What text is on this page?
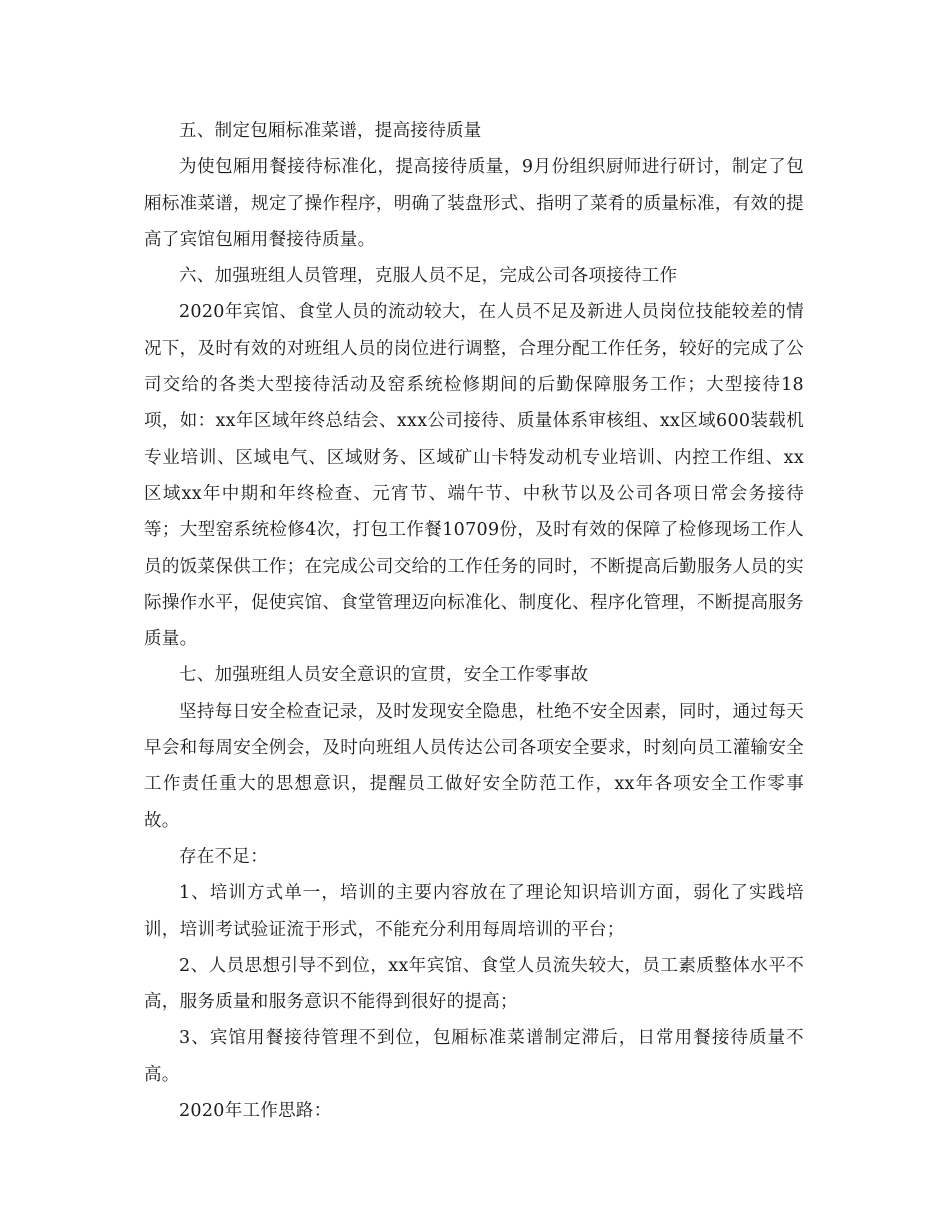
五、制定包厢标准菜谱，提高接待质量

为使包厢用餐接待标准化，提高接待质量，9月份组织厨师进行研讨，制定了包厢标准菜谱，规定了操作程序，明确了装盘形式、指明了菜肴的质量标准，有效的提高了宾馆包厢用餐接待质量。

六、加强班组人员管理，克服人员不足，完成公司各项接待工作

2020年宾馆、食堂人员的流动较大，在人员不足及新进人员岗位技能较差的情况下，及时有效的对班组人员的岗位进行调整，合理分配工作任务，较好的完成了公司交给的各类大型接待活动及窑系统检修期间的后勤保障服务工作；大型接待18项，如：xx年区域年终总结会、xxx公司接待、质量体系审核组、xx区域600装载机专业培训、区域电气、区域财务、区域矿山卡特发动机专业培训、内控工作组、xx区域xx年中期和年终检查、元宵节、端午节、中秋节以及公司各项日常会务接待等；大型窑系统检修4次，打包工作餐10709份，及时有效的保障了检修现场工作人员的饭菜保供工作；在完成公司交给的工作任务的同时，不断提高后勤服务人员的实际操作水平，促使宾馆、食堂管理迈向标准化、制度化、程序化管理，不断提高服务质量。

七、加强班组人员安全意识的宣贯，安全工作零事故

坚持每日安全检查记录，及时发现安全隐患，杜绝不安全因素，同时，通过每天早会和每周安全例会，及时向班组人员传达公司各项安全要求，时刻向员工灌输安全工作责任重大的思想意识，提醒员工做好安全防范工作，xx年各项安全工作零事故。

存在不足：

1、培训方式单一，培训的主要内容放在了理论知识培训方面，弱化了实践培训，培训考试验证流于形式，不能充分利用每周培训的平台；

2、人员思想引导不到位，xx年宾馆、食堂人员流失较大，员工素质整体水平不高，服务质量和服务意识不能得到很好的提高；

3、宾馆用餐接待管理不到位，包厢标准菜谱制定滞后，日常用餐接待质量不高。

2020年工作思路：
